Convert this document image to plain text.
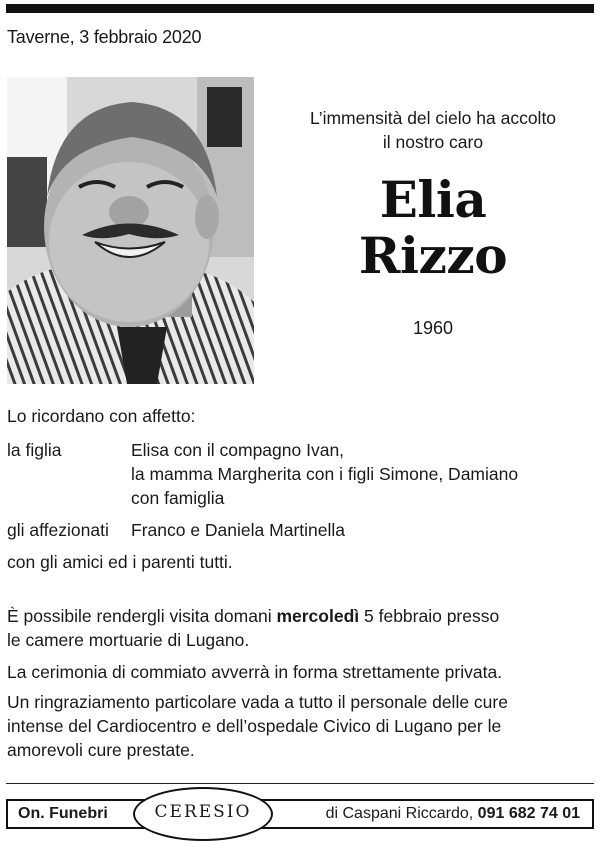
Taverne, 3 febbraio 2020
L’immensità del cielo ha accolto
il nostro caro
Elia
Rizzo
1960
Lo ricordano con affetto:
la figlia	Elisa con il compagno Ivan,
la mamma Margherita con i figli Simone, Damiano
con famiglia
gli affezionati Franco e Daniela Martinella
con gli amici ed i parenti tutti.
È possibile rendergli visita domani mercoledì 5 febbraio presso
le camere mortuarie di Lugano.
La cerimonia di commiato avverrà in forma strettamente privata.
Un ringraziamento particolare vada a tutto il personale delle cure
intense del Cardiocentro e dell’ospedale Civico di Lugano per le
amorevoli cure prestate.
On. Funebri	CERESIO	di Caspani Riccardo, 091 682 74 01
